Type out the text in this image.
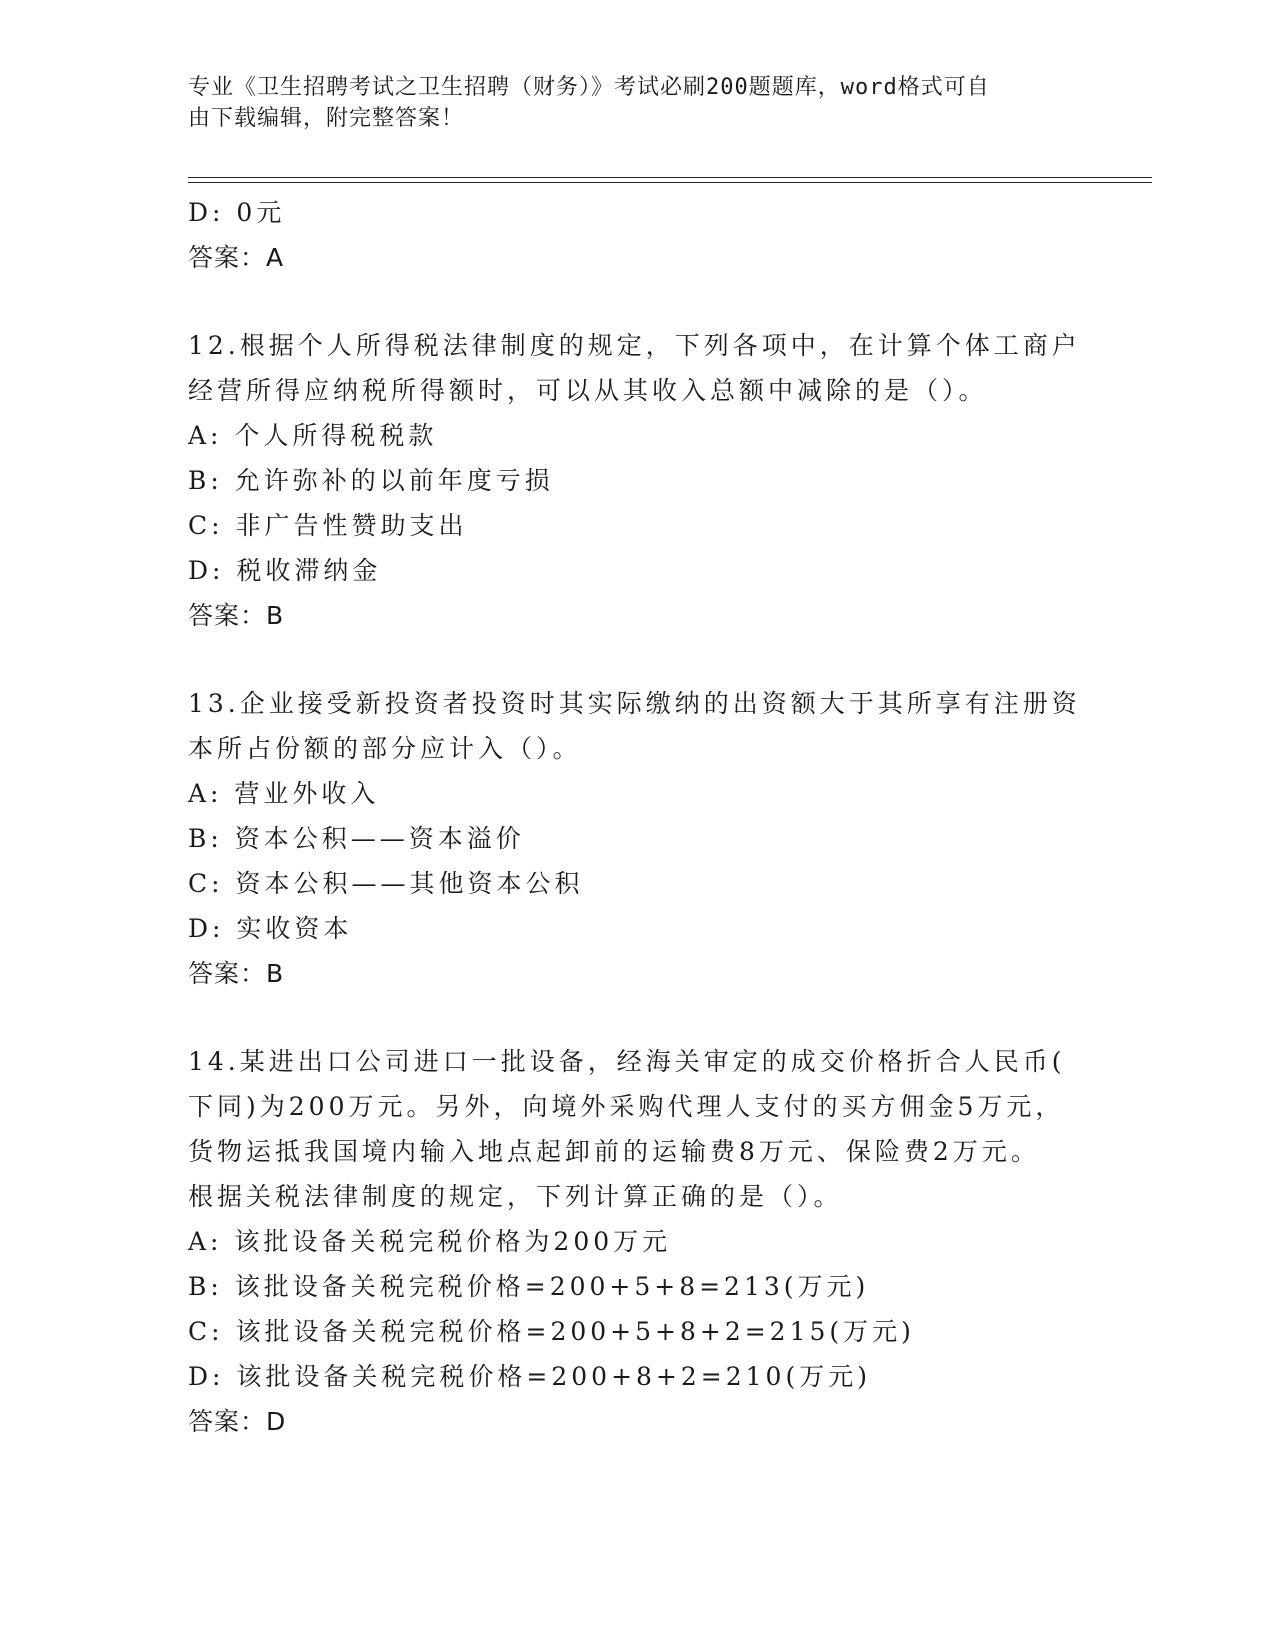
专业《卫生招聘考试之卫生招聘（财务）》考试必刷200题题库，word格式可自
由下载编辑，附完整答案！
D: 0元
答案：A
12.根据个人所得税法律制度的规定，下列各项中，在计算个体工商户
经营所得应纳税所得额时，可以从其收入总额中减除的是（）。
A: 个人所得税税款
B: 允许弥补的以前年度亏损
C: 非广告性赞助支出
D: 税收滞纳金
答案：B
13.企业接受新投资者投资时其实际缴纳的出资额大于其所享有注册资
本所占份额的部分应计入（）。
A: 营业外收入
B: 资本公积——资本溢价
C: 资本公积——其他资本公积
D: 实收资本
答案：B
14.某进出口公司进口一批设备，经海关审定的成交价格折合人民币(
下同)为200万元。另外，向境外采购代理人支付的买方佣金5万元，
货物运抵我国境内输入地点起卸前的运输费8万元、保险费2万元。
根据关税法律制度的规定，下列计算正确的是（）。
A: 该批设备关税完税价格为200万元
B: 该批设备关税完税价格=200+5+8=213(万元)
C: 该批设备关税完税价格=200+5+8+2=215(万元)
D: 该批设备关税完税价格=200+8+2=210(万元)
答案：D
